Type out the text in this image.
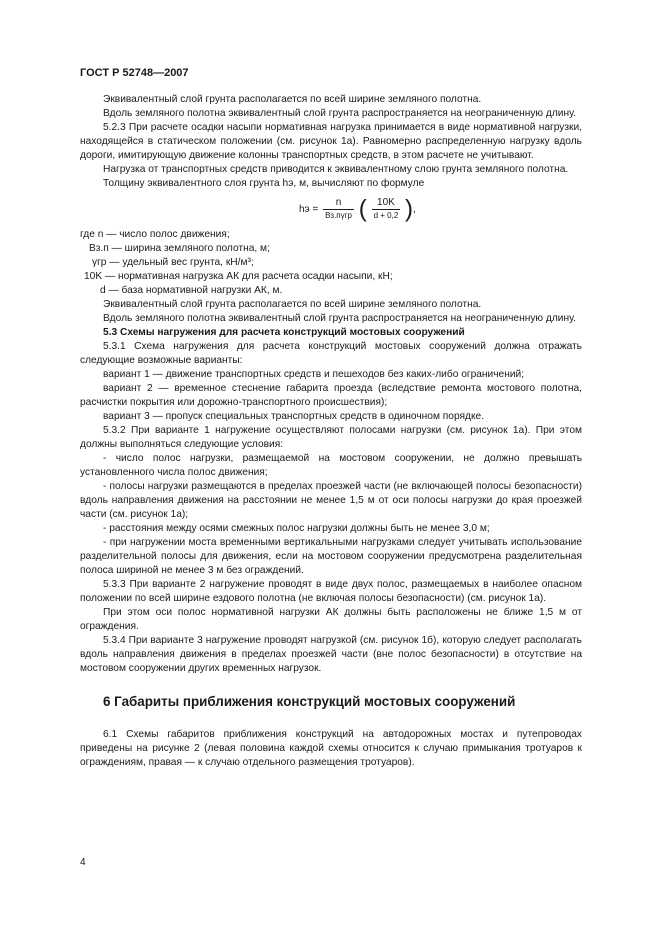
ГОСТ Р 52748—2007

Эквивалентный слой грунта располагается по всей ширине земляного полотна.

Вдоль земляного полотна эквивалентный слой грунта распространяется на неограниченную длину.

5.2.3 При расчете осадки насыпи нормативная нагрузка принимается в виде нормативной нагрузки, находящейся в статическом положении (см. рисунок 1а). Равномерно распределенную нагрузку вдоль дороги, имитирующую движение колонны транспортных средств, в этом расчете не учитывают.

Нагрузка от транспортных средств приводится к эквивалентному слою грунта земляного полотна.

Толщину эквивалентного слоя грунта hэ, м, вычисляют по формуле

hэ = $\frac{n}{\text{Bз.пγгр}}$ ( $\frac{10K}{d + 0,2}$ ),
где n — число полос движения;
Bз.п — ширина земляного полотна, м;
γгр — удельный вес грунта, кН/м³;
10K — нормативная нагрузка АК для расчета осадки насыпи, кН;
d — база нормативной нагрузки АК, м.

Эквивалентный слой грунта располагается по всей ширине земляного полотна.

Вдоль земляного полотна эквивалентный слой грунта распространяется на неограниченную длину.

5.3 Схемы нагружения для расчета конструкций мостовых сооружений

5.3.1 Схема нагружения для расчета конструкций мостовых сооружений должна отражать следующие возможные варианты:

вариант 1 — движение транспортных средств и пешеходов без каких-либо ограничений;

вариант 2 — временное стеснение габарита проезда (вследствие ремонта мостового полотна, расчистки покрытия или дорожно-транспортного происшествия);

вариант 3 — пропуск специальных транспортных средств в одиночном порядке.

5.3.2 При варианте 1 нагружение осуществляют полосами нагрузки (см. рисунок 1а). При этом должны выполняться следующие условия:

- число полос нагрузки, размещаемой на мостовом сооружении, не должно превышать установленного числа полос движения;

- полосы нагрузки размещаются в пределах проезжей части (не включающей полосы безопасности) вдоль направления движения на расстоянии не менее 1,5 м от оси полосы нагрузки до края проезжей части (см. рисунок 1а);

- расстояния между осями смежных полос нагрузки должны быть не менее 3,0 м;

- при нагружении моста временными вертикальными нагрузками следует учитывать использование разделительной полосы для движения, если на мостовом сооружении предусмотрена разделительная полоса шириной не менее 3 м без ограждений.

5.3.3 При варианте 2 нагружение проводят в виде двух полос, размещаемых в наиболее опасном положении по всей ширине ездового полотна (не включая полосы безопасности) (см. рисунок 1а).

При этом оси полос нормативной нагрузки АК должны быть расположены не ближе 1,5 м от ограждения.

5.3.4 При варианте 3 нагружение проводят нагрузкой (см. рисунок 1б), которую следует располагать вдоль направления движения в пределах проезжей части (вне полос безопасности) в отсутствие на мостовом сооружении других временных нагрузок.

6 Габариты приближения конструкций мостовых сооружений

6.1 Схемы габаритов приближения конструкций на автодорожных мостах и путепроводах приведены на рисунке 2 (левая половина каждой схемы относится к случаю примыкания тротуаров к ограждениям, правая — к случаю отдельного размещения тротуаров).

4
